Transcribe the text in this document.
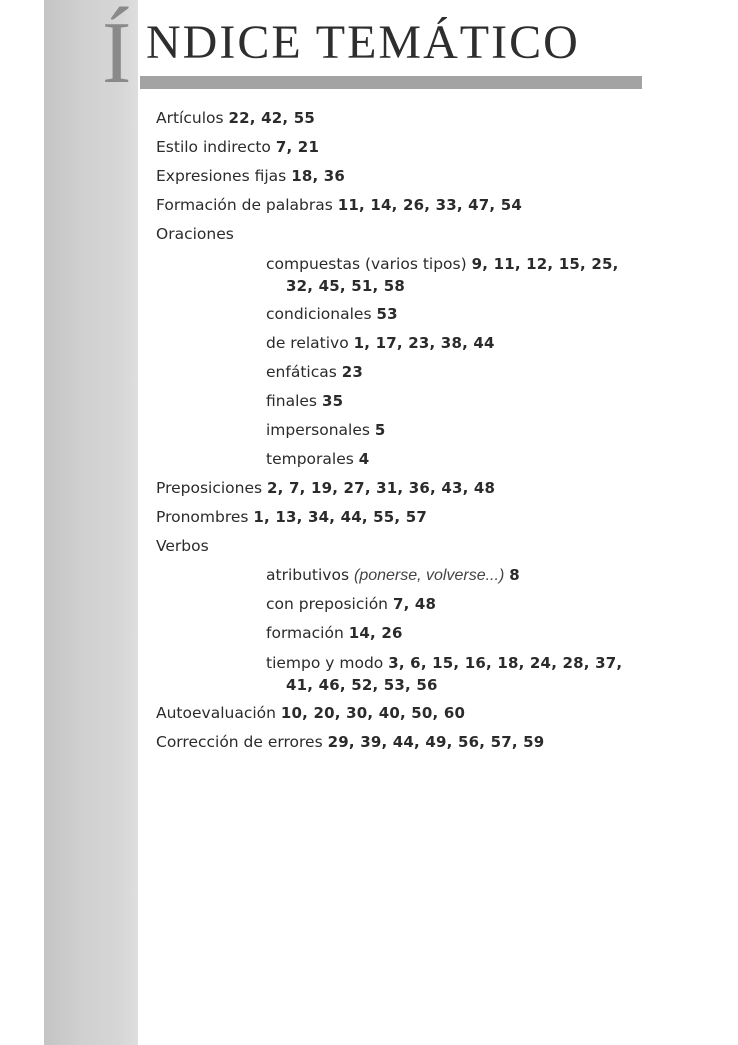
Í NDICE TEMÁTICO
Artículos 22, 42, 55
Estilo indirecto 7, 21
Expresiones fijas 18, 36
Formación de palabras 11, 14, 26, 33, 47, 54
Oraciones
compuestas (varios tipos) 9, 11, 12, 15, 25,
32, 45, 51, 58
condicionales 53
de relativo 1, 17, 23, 38, 44
enfáticas 23
finales 35
impersonales 5
temporales 4
Preposiciones 2, 7, 19, 27, 31, 36, 43, 48
Pronombres 1, 13, 34, 44, 55, 57
Verbos
atributivos (ponerse, volverse...) 8
con preposición 7, 48
formación 14, 26
tiempo y modo 3, 6, 15, 16, 18, 24, 28, 37,
41, 46, 52, 53, 56
Autoevaluación 10, 20, 30, 40, 50, 60
Corrección de errores 29, 39, 44, 49, 56, 57, 59
